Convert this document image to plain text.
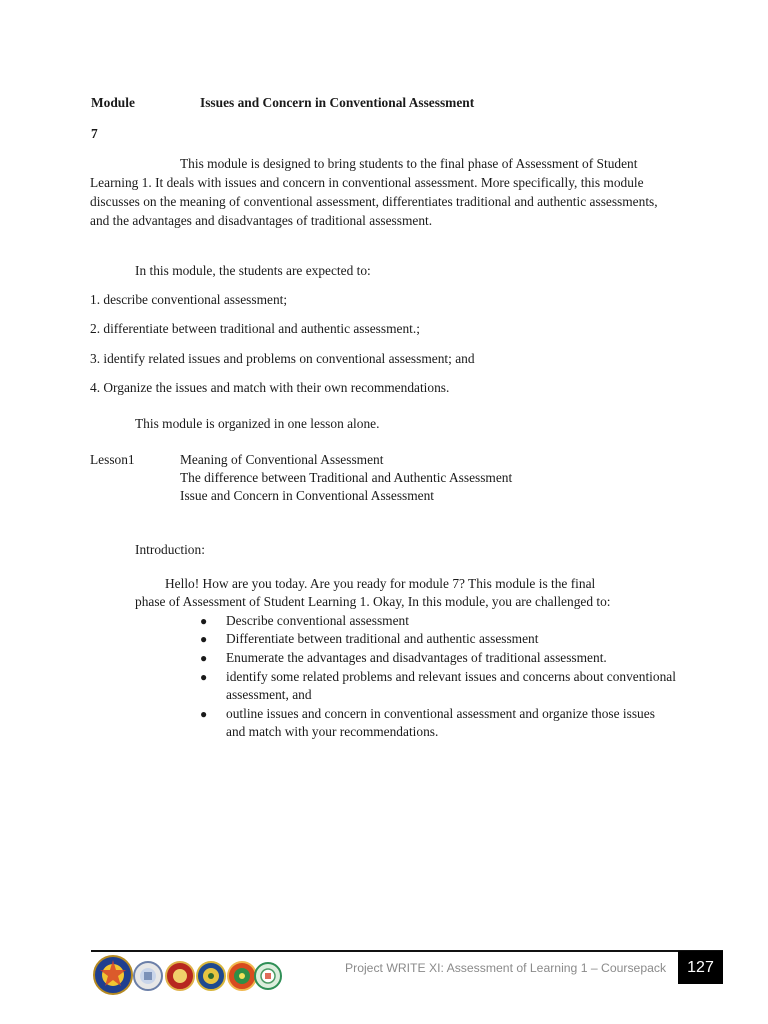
Module	Issues and Concern in Conventional Assessment
7
This module is designed to bring students to the final phase of Assessment of Student Learning 1. It deals with issues and concern in conventional assessment. More specifically, this module discusses on the meaning of conventional assessment, differentiates traditional and authentic assessments, and the advantages and disadvantages of traditional assessment.
In this module, the students are expected to:
1. describe conventional assessment;
2. differentiate between traditional and authentic assessment.;
3. identify related issues and problems on conventional assessment; and
4. Organize the issues and match with their own recommendations.
This module is organized in one lesson alone.
Lesson1	Meaning of Conventional Assessment
The difference between Traditional and Authentic Assessment
Issue and Concern in Conventional Assessment
Introduction:
Hello! How are you today. Are you ready for module 7? This module is the final
phase of Assessment of Student Learning 1. Okay, In this module, you are challenged to:
● Describe conventional assessment
● Differentiate between traditional and authentic assessment
● Enumerate the advantages and disadvantages of traditional assessment.
● identify some related problems and relevant issues and concerns about conventional assessment, and
● outline issues and concern in conventional assessment and organize those issues and match with your recommendations.
Project WRITE XI: Assessment of Learning 1 – Coursepack	127
